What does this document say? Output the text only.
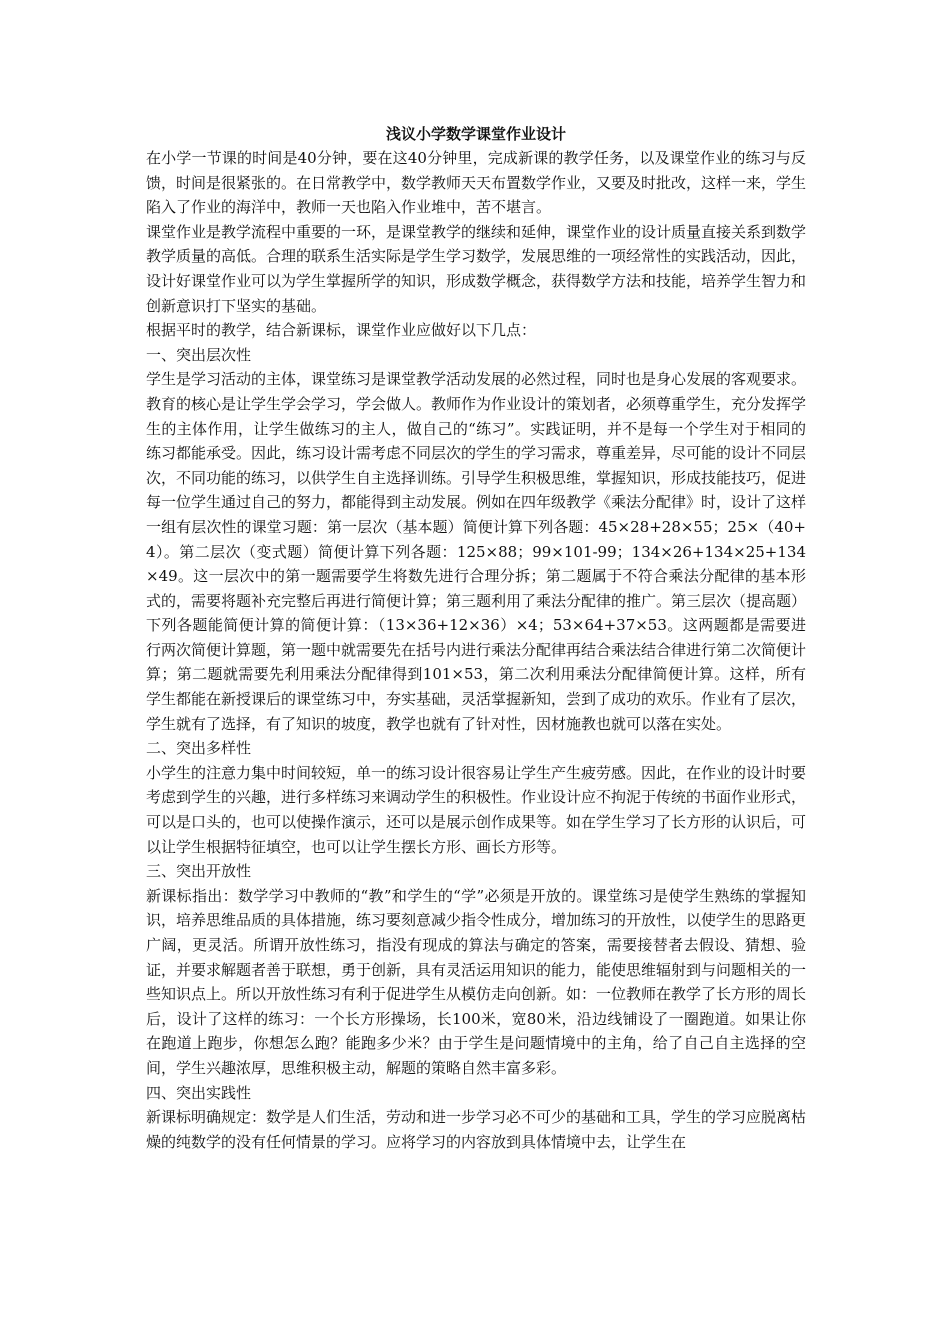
浅议小学数学课堂作业设计

在小学一节课的时间是40分钟，要在这40分钟里，完成新课的教学任务，以及课堂作业的练习与反馈，时间是很紧张的。在日常教学中，数学教师天天布置数学作业，又要及时批改，这样一来，学生陷入了作业的海洋中，教师一天也陷入作业堆中，苦不堪言。

课堂作业是教学流程中重要的一环，是课堂教学的继续和延伸，课堂作业的设计质量直接关系到数学教学质量的高低。合理的联系生活实际是学生学习数学，发展思维的一项经常性的实践活动，因此，设计好课堂作业可以为学生掌握所学的知识，形成数学概念，获得数学方法和技能，培养学生智力和创新意识打下坚实的基础。

根据平时的教学，结合新课标，课堂作业应做好以下几点：

一、突出层次性

学生是学习活动的主体，课堂练习是课堂教学活动发展的必然过程，同时也是身心发展的客观要求。教育的核心是让学生学会学习，学会做人。教师作为作业设计的策划者，必须尊重学生，充分发挥学生的主体作用，让学生做练习的主人，做自己的“练习”。实践证明，并不是每一个学生对于相同的练习都能承受。因此，练习设计需考虑不同层次的学生的学习需求，尊重差异，尽可能的设计不同层次，不同功能的练习，以供学生自主选择训练。引导学生积极思维，掌握知识，形成技能技巧，促进每一位学生通过自己的努力，都能得到主动发展。例如在四年级教学《乘法分配律》时，设计了这样一组有层次性的课堂习题：第一层次（基本题）简便计算下列各题：45×28+28×55；25×（40+4）。第二层次（变式题）简便计算下列各题：125×88；99×101-99；134×26+134×25+134×49。这一层次中的第一题需要学生将数先进行合理分拆；第二题属于不符合乘法分配律的基本形式的，需要将题补充完整后再进行简便计算；第三题利用了乘法分配律的推广。第三层次（提高题）下列各题能简便计算的简便计算：（13×36+12×36）×4；53×64+37×53。这两题都是需要进行两次简便计算题，第一题中就需要先在括号内进行乘法分配律再结合乘法结合律进行第二次简便计算；第二题就需要先利用乘法分配律得到101×53，第二次利用乘法分配律简便计算。这样，所有学生都能在新授课后的课堂练习中，夯实基础，灵活掌握新知，尝到了成功的欢乐。作业有了层次，学生就有了选择，有了知识的坡度，教学也就有了针对性，因材施教也就可以落在实处。

二、突出多样性

小学生的注意力集中时间较短，单一的练习设计很容易让学生产生疲劳感。因此，在作业的设计时要考虑到学生的兴趣，进行多样练习来调动学生的积极性。作业设计应不拘泥于传统的书面作业形式，可以是口头的，也可以使操作演示，还可以是展示创作成果等。如在学生学习了长方形的认识后，可以让学生根据特征填空，也可以让学生摆长方形、画长方形等。

三、突出开放性

新课标指出：数学学习中教师的“教”和学生的“学”必须是开放的。课堂练习是使学生熟练的掌握知识，培养思维品质的具体措施，练习要刻意减少指令性成分，增加练习的开放性，以使学生的思路更广阔，更灵活。所谓开放性练习，指没有现成的算法与确定的答案，需要接替者去假设、猜想、验证，并要求解题者善于联想，勇于创新，具有灵活运用知识的能力，能使思维辐射到与问题相关的一些知识点上。所以开放性练习有利于促进学生从模仿走向创新。如：一位教师在教学了长方形的周长后，设计了这样的练习：一个长方形操场，长100米，宽80米，沿边线铺设了一圈跑道。如果让你在跑道上跑步，你想怎么跑？能跑多少米？由于学生是问题情境中的主角，给了自己自主选择的空间，学生兴趣浓厚，思维积极主动，解题的策略自然丰富多彩。

四、突出实践性

新课标明确规定：数学是人们生活，劳动和进一步学习必不可少的基础和工具，学生的学习应脱离枯燥的纯数学的没有任何情景的学习。应将学习的内容放到具体情境中去，让学生在
